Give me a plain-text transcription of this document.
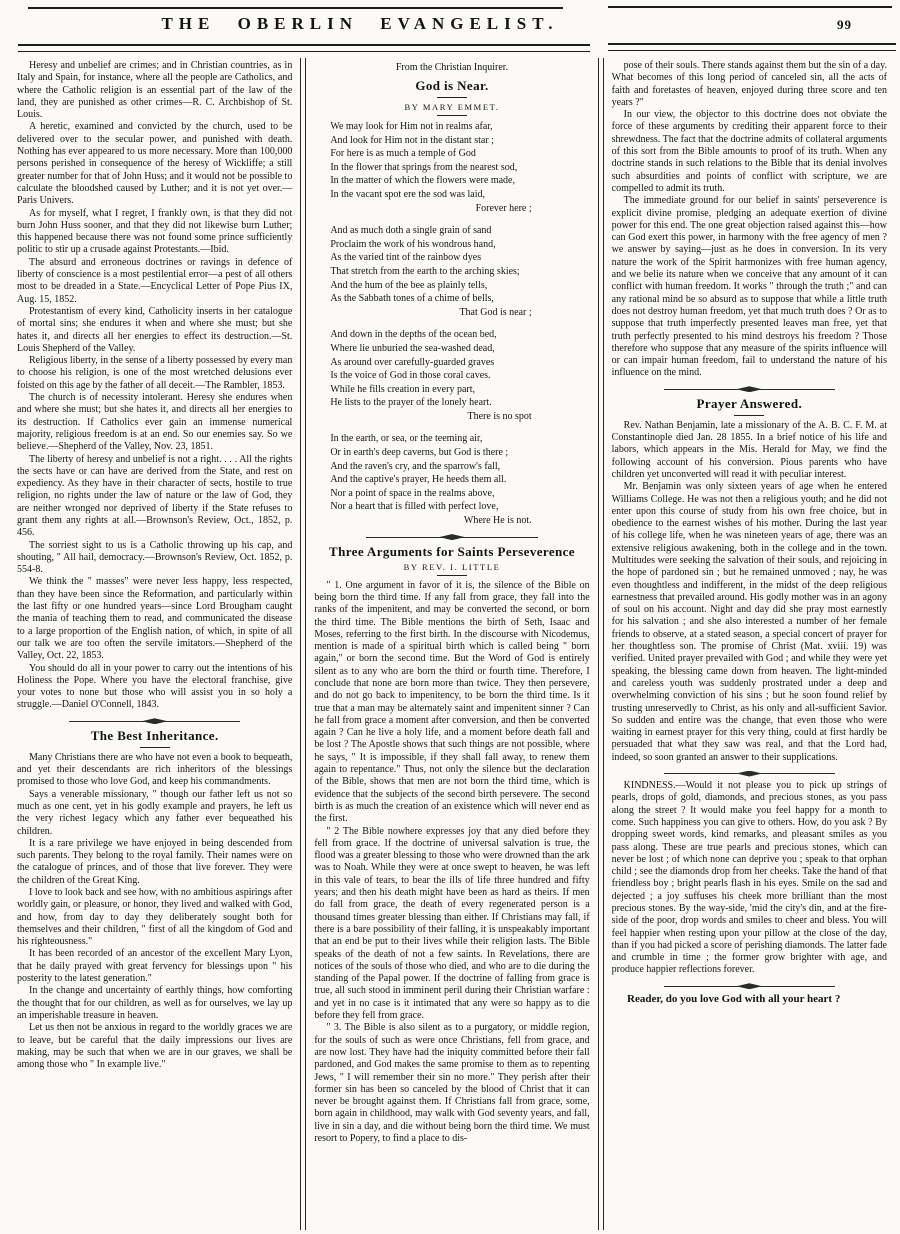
THE OBERLIN EVANGELIST.	99
Heresy and unbelief are crimes; and in Christian countries, as in Italy and Spain, for instance, where all the people are Catholics, and where the Catholic religion is an essential part of the law of the land, they are punished as other crimes—R. C. Archbishop of St. Louis.
A heretic, examined and convicted by the church, used to be delivered over to the secular power, and punished with death. Nothing has ever appeared to us more necessary. More than 100,000 persons perished in consequence of the heresy of Wickliffe; a still greater number for that of John Huss; and it would not be possible to calculate the bloodshed caused by Luther; and it is not yet over.—Paris Univers.
As for myself, what I regret, I frankly own, is that they did not burn John Huss sooner, and that they did not likewise burn Luther; this happened because there was not found some prince sufficiently politic to stir up a crusade against Protestants.—Ibid.
The absurd and erroneous doctrines or ravings in defence of liberty of conscience is a most pestilential error—a pest of all others most to be dreaded in a State.—Encyclical Letter of Pope Pius IX, Aug. 15, 1852.
Protestantism of every kind, Catholicity inserts in her catalogue of mortal sins; she endures it when and where she must; but she hates it, and directs all her energies to effect its destruction.—St. Louis Shepherd of the Valley.
Religious liberty, in the sense of a liberty possessed by every man to choose his religion, is one of the most wretched delusions ever foisted on this age by the father of all deceit.—The Rambler, 1853.
The church is of necessity intolerant. Heresy she endures when and where she must; but she hates it, and directs all her energies to its destruction. If Catholics ever gain an immense numerical majority, religious freedom is at an end. So our enemies say. So we believe.—Shepherd of the Valley, Nov. 23, 1851.
The liberty of heresy and unbelief is not a right. . . . All the rights the sects have or can have are derived from the State, and rest on expediency. As they have in their character of sects, hostile to true religion, no rights under the law of nature or the law of God, they are neither wronged nor deprived of liberty if the State refuses to grant them any rights at all.—Brownson's Review, Oct., 1852, p. 456.
The sorriest sight to us is a Catholic throwing up his cap, and shouting, " All hail, democracy.—Brownson's Review, Oct. 1852, p. 554-8.
We think the " masses" were never less happy, less respected, than they have been since the Reformation, and particularly within the last fifty or one hundred years—since Lord Brougham caught the mania of teaching them to read, and communicated the disease to a large proportion of the English nation, of which, in spite of all our talk we are too often the servile imitators.—Shepherd of the Valley, Oct. 22, 1853.
You should do all in your power to carry out the intentions of his Holiness the Pope. Where you have the electoral franchise, give your votes to none but those who will assist you in so holy a struggle.—Daniel O'Connell, 1843.
The Best Inheritance.
Many Christians there are who have not even a book to bequeath, and yet their descendants are rich inheritors of the blessings promised to those who love God, and keep his commandments.
Says a venerable missionary, " though our father left us not so much as one cent, yet in his godly example and prayers, he left us the very richest legacy which any father ever bequeathed his children.
It is a rare privilege we have enjoyed in being descended from such parents. They belong to the royal family. Their names were on the catalogue of princes, and of those that live forever. They were the children of the Great King.
I love to look back and see how, with no ambitious aspirings after worldly gain, or pleasure, or honor, they lived and walked with God, and how, from day to day they deliberately sought both for themselves and their children, " first of all the kingdom of God and his righteousness."
It has been recorded of an ancestor of the excellent Mary Lyon, that he daily prayed with great fervency for blessings upon " his posterity to the latest generation."
In the change and uncertainty of earthly things, how comforting the thought that for our children, as well as for ourselves, we lay up an imperishable treasure in heaven.
Let us then not be anxious in regard to the worldly graces we are to leave, but be careful that the daily impressions our lives are making, may be such that when we are in our graves, we shall be among those who " In example live."
From the Christian Inquirer.
God is Near.
BY MARY EMMET.
We may look for Him not in realms afar,
And look for Him not in the distant star ;
For here is as much a temple of God
In the flower that springs from the nearest sod,
In the matter of which the flowers were made,
In the vacant spot ere the sod was laid,
Forever here ;
And as much doth a single grain of sand
Proclaim the work of his wondrous hand,
As the varied tint of the rainbow dyes
That stretch from the earth to the arching skies;
And the hum of the bee as plainly tells,
As the Sabbath tones of a chime of bells,
That God is near ;
And down in the depths of the ocean bed,
Where lie unburied the sea-washed dead,
As around over carefully-guarded graves
Is the voice of God in those coral caves.
While he fills creation in every part,
He lists to the prayer of the lonely heart.
There is no spot
In the earth, or sea, or the teeming air,
Or in earth's deep caverns, but God is there ;
And the raven's cry, and the sparrow's fall,
And the captive's prayer, He heeds them all.
Nor a point of space in the realms above,
Nor a heart that is filled with perfect love,
Where He is not.
Three Arguments for Saints Perseverence
BY REV. I. LITTLE
" 1. One argument in favor of it is, the silence of the Bible on being born the third time. If any fall from grace, they fall into the ranks of the impenitent, and may be converted the second, or born the third time. The Bible mentions the birth of Seth, Isaac and Moses, referring to the first birth. In the discourse with Nicodemus, mention is made of a spiritual birth which is called being " born again," or born the second time. But the Word of God is entirely silent as to any who are born the third or fourth time. Therefore, I conclude that none are born more than twice. They then persevere, and do not go back to impenitency, to be born the third time. Is it true that a man may be alternately saint and impenitent sinner ? Can he fall from grace a moment after conversion, and then be converted again ? Can he live a holy life, and a moment before death fall and be lost ? The Apostle shows that such things are not possible, where he says, " It is impossible, if they shall fall away, to renew them again to repentance." Thus, not only the silence but the declaration of the Bible, shows that men are not born the third time, which is evidence that the subjects of the second birth persevere. The second birth is as much the creation of an existence which will never end as the first.
" 2 The Bible nowhere expresses joy that any died before they fell from grace. If the doctrine of universal salvation is true, the flood was a greater blessing to those who were drowned than the ark was to Noah. While they were at once swept to heaven, he was left in this vale of tears, to bear the ills of life three hundred and fifty years; and then his death might have been as hard as theirs. If men do fall from grace, the death of every regenerated person is a thousand times greater blessing than either. If Christians may fall, if there is a bare possibility of their falling, it is unspeakably important that an end be put to their lives while their religion lasts. The Bible speaks of the death of not a few saints. In Revelations, there are notices of the souls of those who died, and who are to die during the standing of the Papal power. If the doctrine of falling from grace is true, all such stood in imminent peril during their Christian warfare : and yet in no case is it intimated that any were so happy as to die before they fell from grace.
" 3. The Bible is also silent as to a purgatory, or middle region, for the souls of such as were once Christians, fell from grace, and are now lost. They have had the iniquity committed before their fall pardoned, and God makes the same promise to them as to repenting Jews, " I will remember their sin no more." They perish after their former sin has been so canceled by the blood of Christ that it can never be brought against them. If Christians fall from grace, some, born again in childhood, may walk with God seventy years, and fall, live in sin a day, and die without being born the third time. We must resort to Popery, to find a place to dis-
pose of their souls. There stands against them but the sin of a day. What becomes of this long period of canceled sin, all the acts of faith and foretastes of heaven, enjoyed during three score and ten years ?"
In our view, the objector to this doctrine does not obviate the force of these arguments by crediting their apparent force to their shrewdness. The fact that the doctrine admits of collateral arguments of this sort from the Bible amounts to proof of its truth. When any doctrine stands in such relations to the Bible that its denial involves such absurdities and points of conflict with scripture, we are compelled to admit its truth.
The immediate ground for our belief in saints' perseverence is explicit divine promise, pledging an adequate exertion of divine power for this end. The one great objection raised against this—how can God exert this power, in harmony with the free agency of men ? we answer by saying—just as he does in conversion. In its very nature the work of the Spirit harmonizes with free human agency, and we belie its nature when we conceive that any amount of it can conflict with human freedom. It works " through the truth ;" and can any rational mind be so absurd as to suppose that while a little truth does not destroy human freedom, yet that much truth does ? Or as to suppose that truth imperfectly presented leaves man free, yet that truth perfectly presented to his mind destroys his freedom ? Those therefore who suppose that any measure of the spirits influence will or can impair human freedom, fail to understand the nature of his influence on the mind.
Prayer Answered.
Rev. Nathan Benjamin, late a missionary of the A. B. C. F. M. at Constantinople died Jan. 28 1855. In a brief notice of his life and labors, which appears in the Mis. Herald for May, we find the following account of his conversion. Pious parents who have children yet unconverted will read it with peculiar interest.
Mr. Benjamin was only sixteen years of age when he entered Williams College. He was not then a religious youth; and he did not enter upon this course of study from his own free choice, but in obedience to the earnest wishes of his mother. During the last year of his college life, when he was nineteen years of age, there was an extensive religious awakening, both in the college and in the town. Multitudes were seeking the salvation of their souls, and rejoicing in the hope of pardoned sin ; but he remained unmoved ; nay, he was even thoughtless and indifferent, in the midst of the deep religious earnestness that prevailed around. His godly mother was in an agony of soul on his account. Night and day did she pray most earnestly for his salvation ; and she also interested a number of her female friends to observe, at a stated season, a special concert of prayer for her thoughtless son. The promise of Christ (Mat. xviii. 19) was verified. United prayer prevailed with God ; and while they were yet speaking, the blessing came down from heaven. The light-minded and careless youth was suddenly prostrated under a deep and overwhelming conviction of his sins ; but he soon found relief by trusting unreservedly to Christ, as his only and all-sufficient Savior. So sudden and entire was the change, that even those who were waiting in earnest prayer for this very thing, could at first hardly be persuaded that what they saw was real, and that the Lord had, indeed, so soon granted an answer to their supplications.

KINDNESS.—Would it not please you to pick up strings of pearls, drops of gold, diamonds, and precious stones, as you pass along the street ? It would make you feel happy for a month to come. Such happiness you can give to others. How, do you ask ? By dropping sweet words, kind remarks, and pleasant smiles as you pass along. These are true pearls and precious stones, which can never be lost ; of which none can deprive you ; speak to that orphan child ; see the diamonds drop from her cheeks. Take the hand of that friendless boy ; bright pearls flash in his eyes. Smile on the sad and dejected ; a joy suffuses his cheek more brilliant than the most precious stones. By the way-side, 'mid the city's din, and at the fire-side of the poor, drop words and smiles to cheer and bless. You will feel happier when resting upon your pillow at the close of the day, than if you had picked a score of perishing diamonds. The latter fade and crumble in time ; the former grow brighter with age, and produce happier reflections forever.

Reader, do you love God with all your heart ?
